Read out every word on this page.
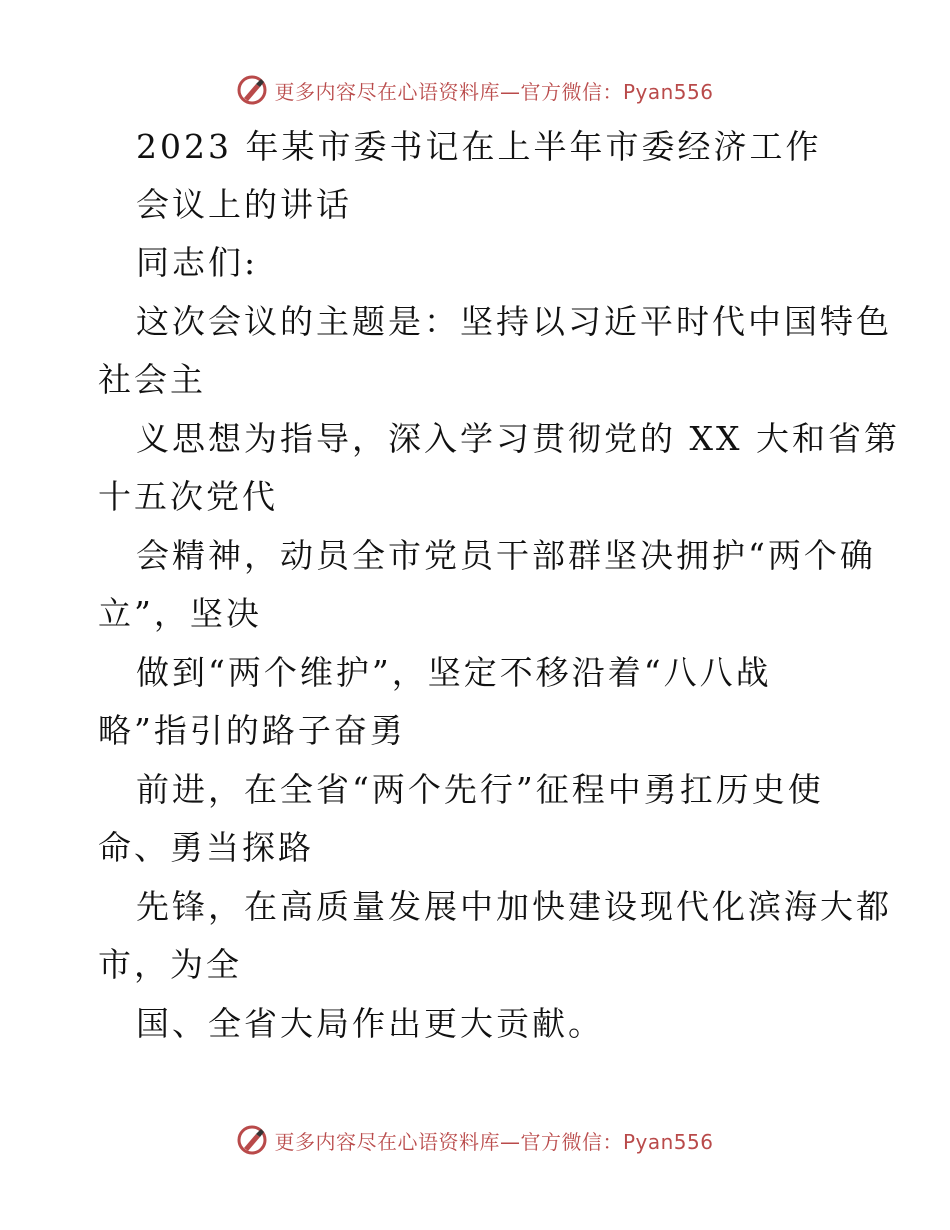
更多内容尽在心语资料库—官方微信：Pyan556
2023 年某市委书记在上半年市委经济工作
会议上的讲话
同志们:
这次会议的主题是：坚持以习近平时代中国特色
社会主
义思想为指导，深入学习贯彻党的 XX 大和省第
十五次党代
会精神，动员全市党员干部群坚决拥护“两个确
立”，坚决
做到“两个维护”，坚定不移沿着“八八战
略”指引的路子奋勇
前进，在全省“两个先行”征程中勇扛历史使
命、勇当探路
先锋，在高质量发展中加快建设现代化滨海大都
市，为全
国、全省大局作出更大贡献。
更多内容尽在心语资料库—官方微信：Pyan556
